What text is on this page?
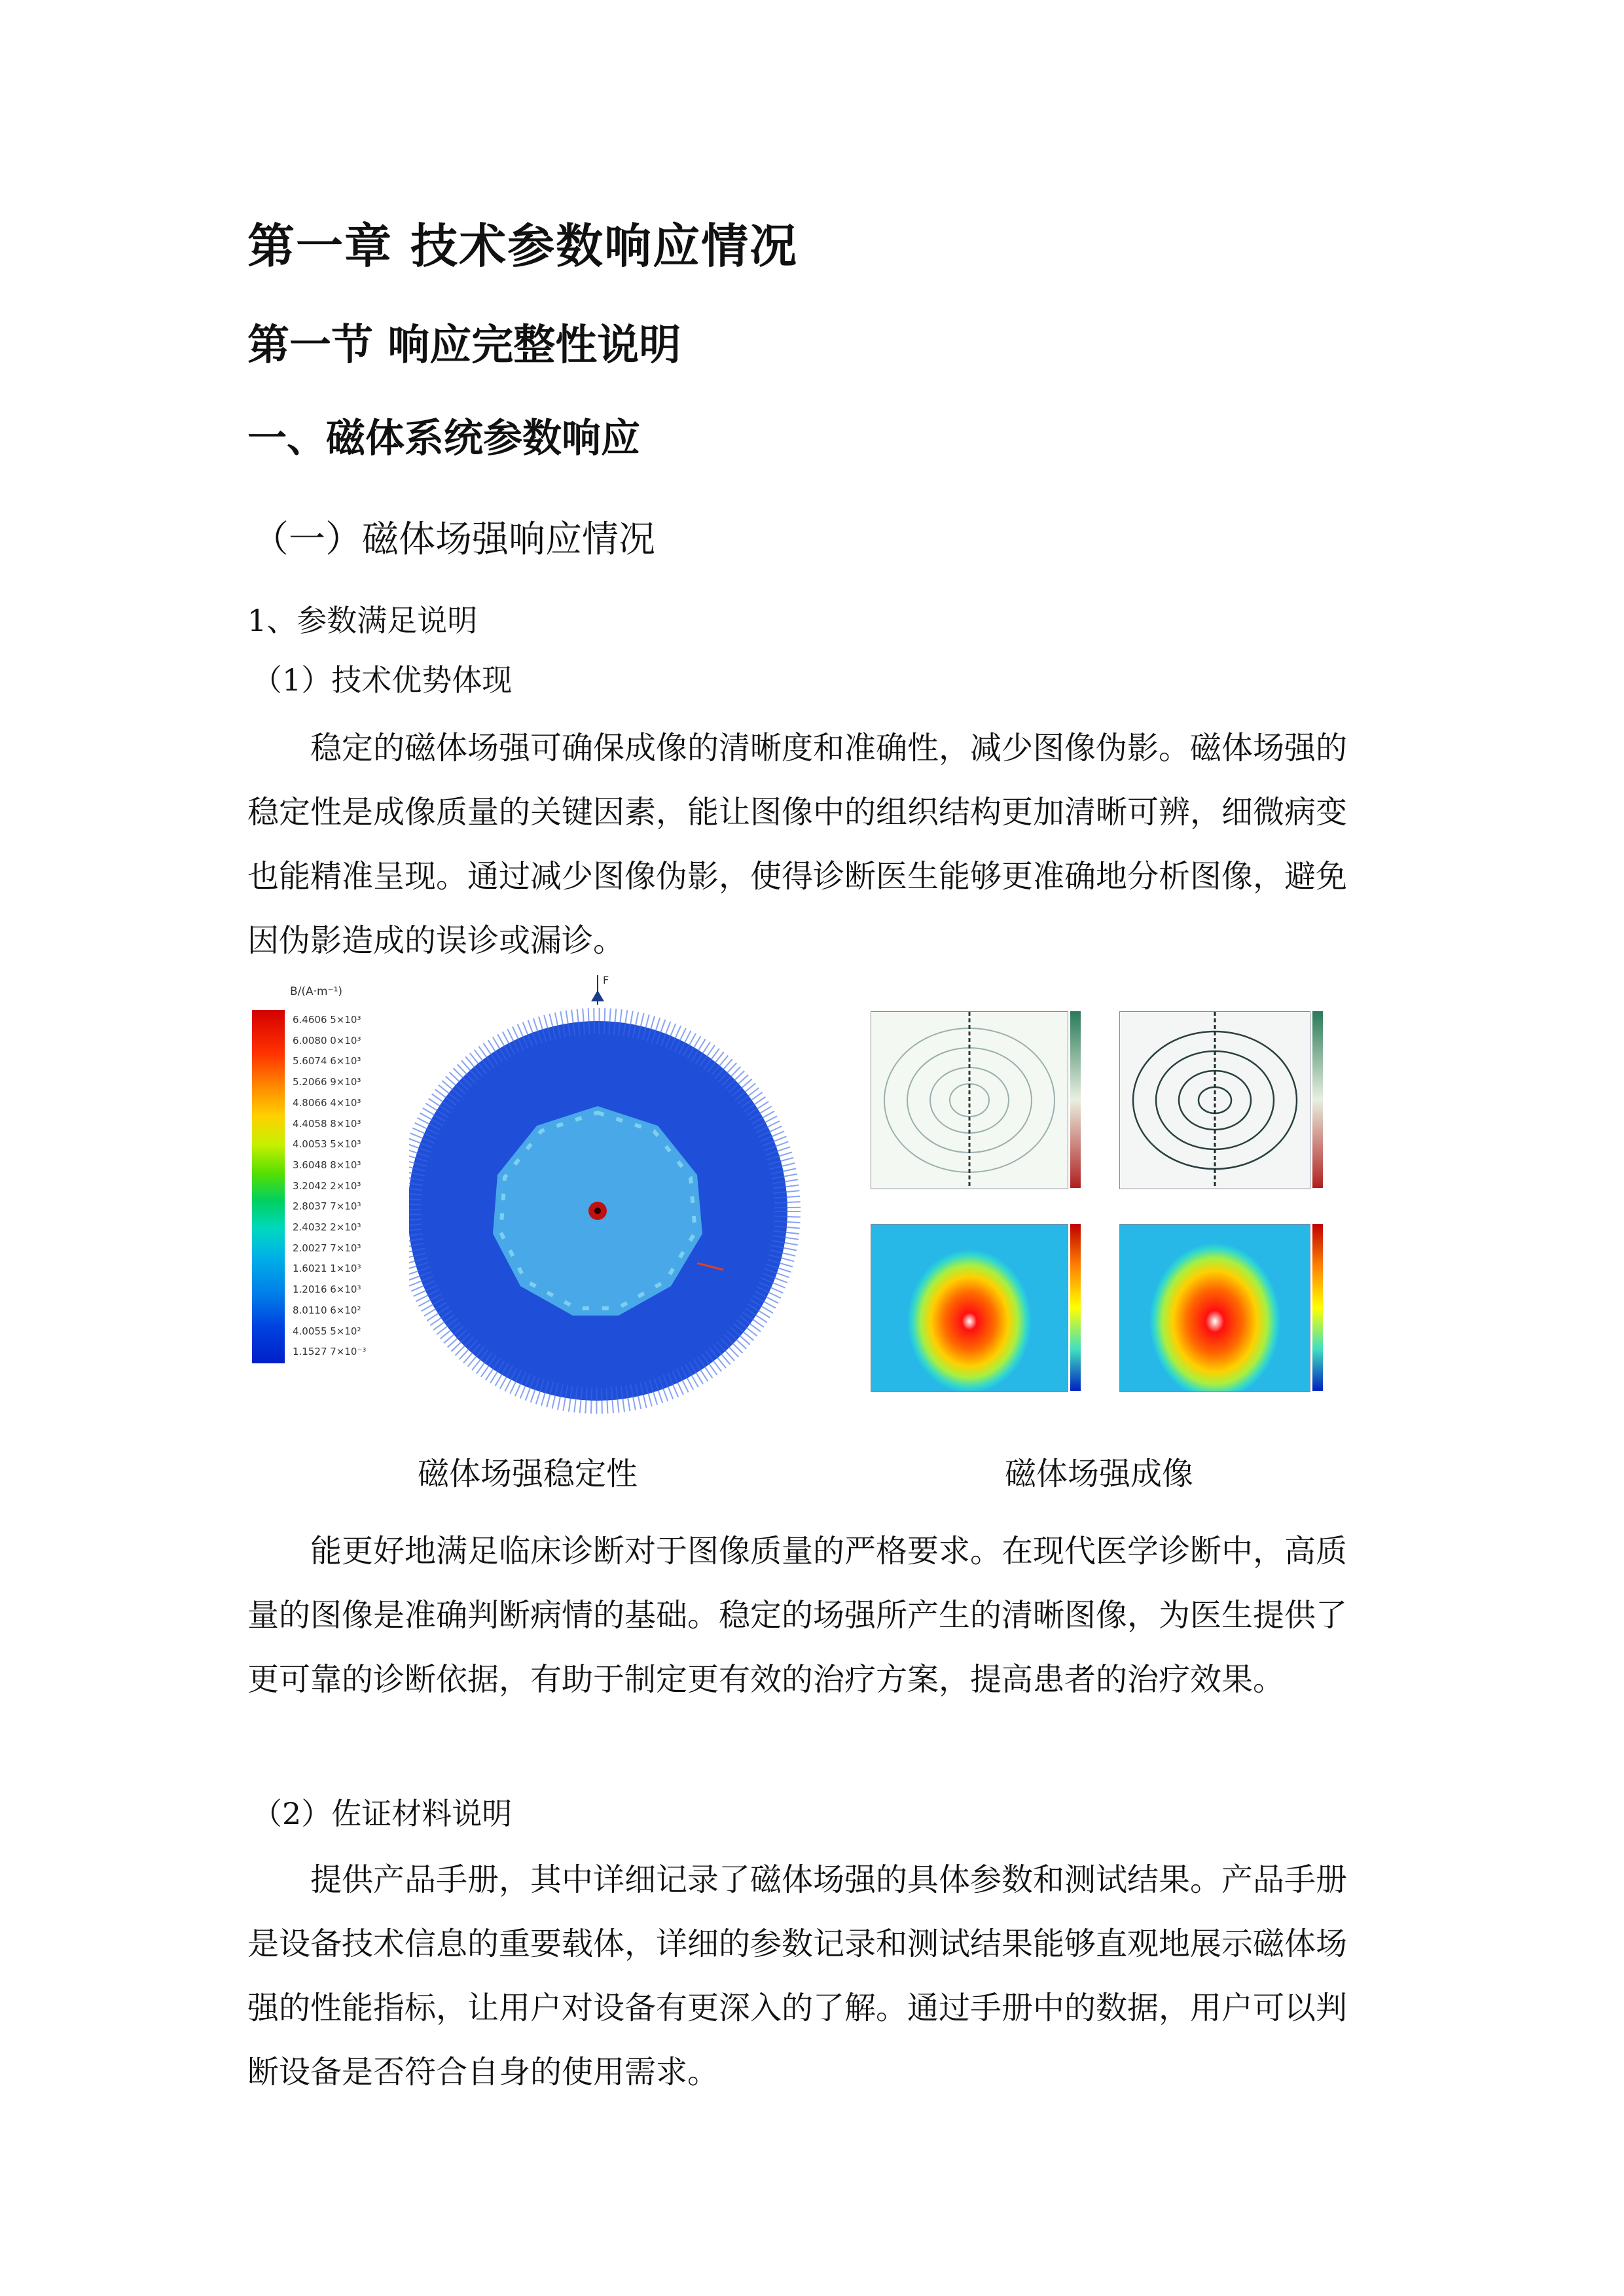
第一章 技术参数响应情况
第一节 响应完整性说明
一、磁体系统参数响应
（一）磁体场强响应情况
1、参数满足说明
（1）技术优势体现
稳定的磁体场强可确保成像的清晰度和准确性，减少图像伪影。磁体场强的稳定性是成像质量的关键因素，能让图像中的组织结构更加清晰可辨，细微病变也能精准呈现。通过减少图像伪影，使得诊断医生能够更准确地分析图像，避免因伪影造成的误诊或漏诊。
B/(A·m⁻¹)
6.4606 5×10³
6.0080 0×10³
5.6074 6×10³
5.2066 9×10³
4.8066 4×10³
4.4058 8×10³
4.0053 5×10³
3.6048 8×10³
3.2042 2×10³
2.8037 7×10³
2.4032 2×10³
2.0027 7×10³
1.6021 1×10³
1.2016 6×10³
8.0110 6×10²
4.0055 5×10²
1.1527 7×10⁻³
F
磁体场强稳定性	磁体场强成像
能更好地满足临床诊断对于图像质量的严格要求。在现代医学诊断中，高质量的图像是准确判断病情的基础。稳定的场强所产生的清晰图像，为医生提供了更可靠的诊断依据，有助于制定更有效的治疗方案，提高患者的治疗效果。
（2）佐证材料说明
提供产品手册，其中详细记录了磁体场强的具体参数和测试结果。产品手册是设备技术信息的重要载体，详细的参数记录和测试结果能够直观地展示磁体场强的性能指标，让用户对设备有更深入的了解。通过手册中的数据，用户可以判断设备是否符合自身的使用需求。
